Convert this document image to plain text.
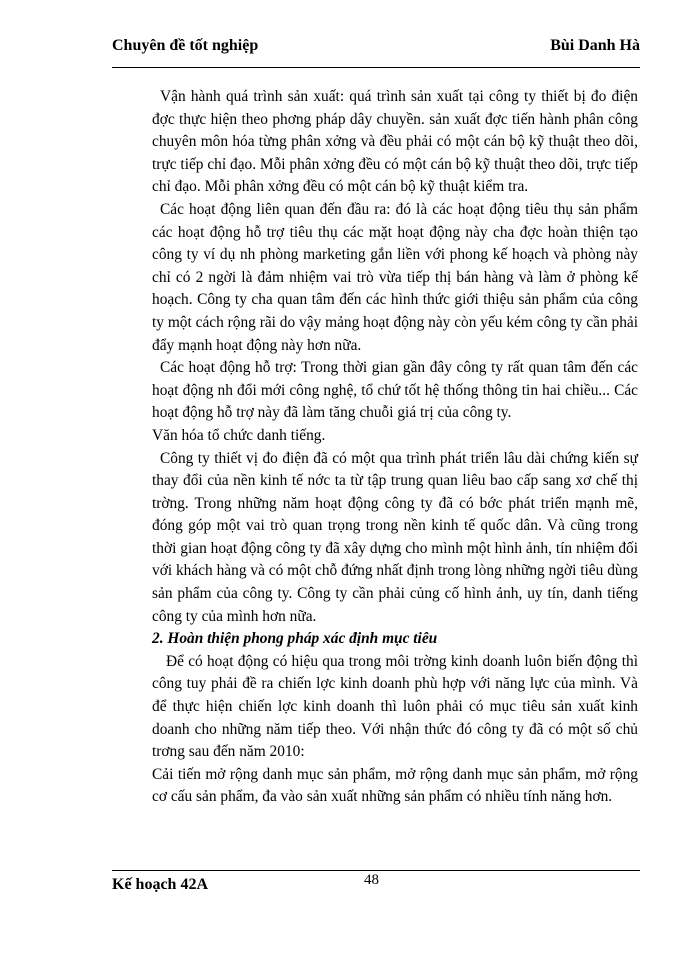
Chuyên đề tốt nghiệp	Bùi Danh Hà

Vận hành quá trình sản xuất: quá trình sản xuất tại công ty thiết bị đo điện đợc thực hiện theo phơng pháp dây chuyền. sản xuất đợc tiến hành phân công chuyên môn hóa từng phân xởng và đều phải có một cán bộ kỹ thuật theo dõi, trực tiếp chỉ đạo. Mỗi phân xởng đều có một cán bộ kỹ thuật theo dõi, trực tiếp chỉ đạo. Mỗi phân xởng đều có một cán bộ kỹ thuật kiểm tra.

Các hoạt động liên quan đến đầu ra: đó là các hoạt động tiêu thụ sản phẩm các hoạt động hỗ trợ tiêu thụ các mặt hoạt động này cha đợc hoàn thiện tạo công ty ví dụ nh phòng marketing gắn liền với phong kế hoạch và phòng này chỉ có 2 ngời là đảm nhiệm vai trò vừa tiếp thị bán hàng và làm ở phòng kế hoạch. Công ty cha quan tâm đến các hình thức giới thiệu sản phẩm của công ty một cách rộng rãi do vậy mảng hoạt động này còn yếu kém công ty cần phải đẩy mạnh hoạt động này hơn nữa.

Các hoạt động hỗ trợ: Trong thời gian gần đây công ty rất quan tâm đến các hoạt động nh đổi mới công nghệ, tổ chứ tốt hệ thống thông tin hai chiều... Các hoạt động hỗ trợ này đã làm tăng chuỗi giá trị của công ty.

Văn hóa tổ chức danh tiếng.

Công ty thiết vị đo điện đã có một qua trình phát triển lâu dài chứng kiến sự thay đổi của nền kinh tế nớc ta từ tập trung quan liêu bao cấp sang xơ chế thị trờng. Trong những năm hoạt động công ty đã có bớc phát triển mạnh mẽ, đóng góp một vai trò quan trọng trong nền kinh tế quốc dân. Và cũng trong thời gian hoạt động công ty đã xây dựng cho mình một hình ảnh, tín nhiệm đối với khách hàng và có một chỗ đứng nhất định trong lòng những ngời tiêu dùng sản phẩm của công ty. Công ty cần phải củng cố hình ảnh, uy tín, danh tiếng công ty của mình hơn nữa.

2. Hoàn thiện phong pháp xác định mục tiêu

Để có hoạt động có hiệu qua trong môi trờng kinh doanh luôn biến động thì công tuy phải đề ra chiến lợc kinh doanh phù hợp với năng lực của mình. Và để thực hiện chiến lợc kinh doanh thì luôn phải có mục tiêu sản xuất kinh doanh cho những năm tiếp theo. Với nhận thức đó công ty đã có một số chủ trơng sau đến năm 2010:

Cải tiến mở rộng danh mục sản phẩm, mở rộng danh mục sản phẩm, mở rộng cơ cấu sản phẩm, đa vào sản xuất những sản phẩm có nhiều tính năng hơn.

Kế hoạch 42A	48
